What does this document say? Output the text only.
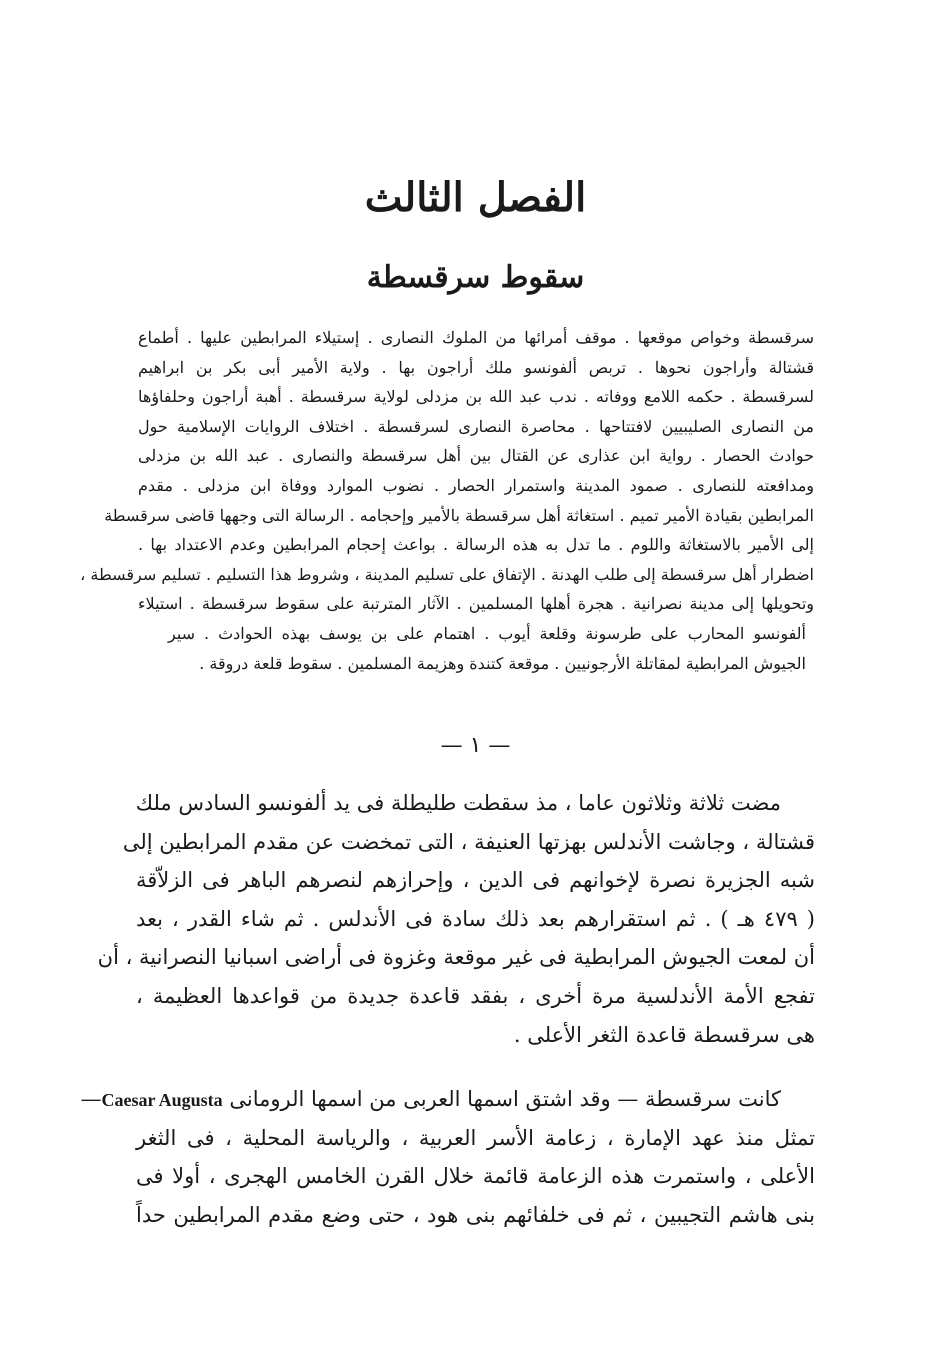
الفصل الثالث
سقوط سرقسطة
سرقسطة وخواص موقعها . موقف أمرائها من الملوك النصارى . إستيلاء المرابطين عليها . أطماع
قشتالة وأراجون نحوها . تربص ألفونسو ملك أراجون بها . ولاية الأمير أبى بكر بن ابراهيم
لسرقسطة . حكمه اللامع ووفاته . ندب عبد الله بن مزدلى لولاية سرقسطة . أهبة أراجون وحلفاؤها
من النصارى الصليبيين لافتتاحها . محاصرة النصارى لسرقسطة . اختلاف الروايات الإسلامية حول
حوادث الحصار . رواية ابن عذارى عن القتال بين أهل سرقسطة والنصارى . عبد الله بن مزدلى
ومدافعته للنصارى . صمود المدينة واستمرار الحصار . نضوب الموارد ووفاة ابن مزدلى . مقدم
المرابطين بقيادة الأمير تميم . استغاثة أهل سرقسطة بالأمير وإحجامه . الرسالة التى وجهها قاضى سرقسطة
إلى الأمير بالاستغاثة واللوم . ما تدل به هذه الرسالة . بواعث إحجام المرابطين وعدم الاعتداد بها .
اضطرار أهل سرقسطة إلى طلب الهدنة . الإتفاق على تسليم المدينة ، وشروط هذا التسليم . تسليم سرقسطة ،
وتحويلها إلى مدينة نصرانية . هجرة أهلها المسلمين . الآثار المترتبة على سقوط سرقسطة . استيلاء
ألفونسو المحارب على طرسونة وقلعة أيوب . اهتمام على بن يوسف بهذه الحوادث . سير
الجيوش المرابطية لمقاتلة الأرجونيين . موقعة كتندة وهزيمة المسلمين . سقوط قلعة دروقة .
— ١ —
مضت ثلاثة وثلاثون عاما ، مذ سقطت طليطلة فى يد ألفونسو السادس ملك
قشتالة ، وجاشت الأندلس بهزتها العنيفة ، التى تمخضت عن مقدم المرابطين إلى
شبه الجزيرة نصرة لإخوانهم فى الدين ، وإحرازهم لنصرهم الباهر فى الزلاّقة
( ٤٧٩ هـ ) . ثم استقرارهم بعد ذلك سادة فى الأندلس . ثم شاء القدر ، بعد
أن لمعت الجيوش المرابطية فى غير موقعة وغزوة فى أراضى اسبانيا النصرانية ، أن
تفجع الأمة الأندلسية مرة أخرى ، بفقد قاعدة جديدة من قواعدها العظيمة ،
هى سرقسطة قاعدة الثغر الأعلى .
كانت سرقسطة — وقد اشتق اسمها العربى من اسمها الرومانى Caesar Augusta—
تمثل منذ عهد الإمارة ، زعامة الأسر العربية ، والرياسة المحلية ، فى الثغر
الأعلى ، واستمرت هذه الزعامة قائمة خلال القرن الخامس الهجرى ، أولا فى
بنى هاشم التجيبين ، ثم فى خلفائهم بنى هود ، حتى وضع مقدم المرابطين حداً
